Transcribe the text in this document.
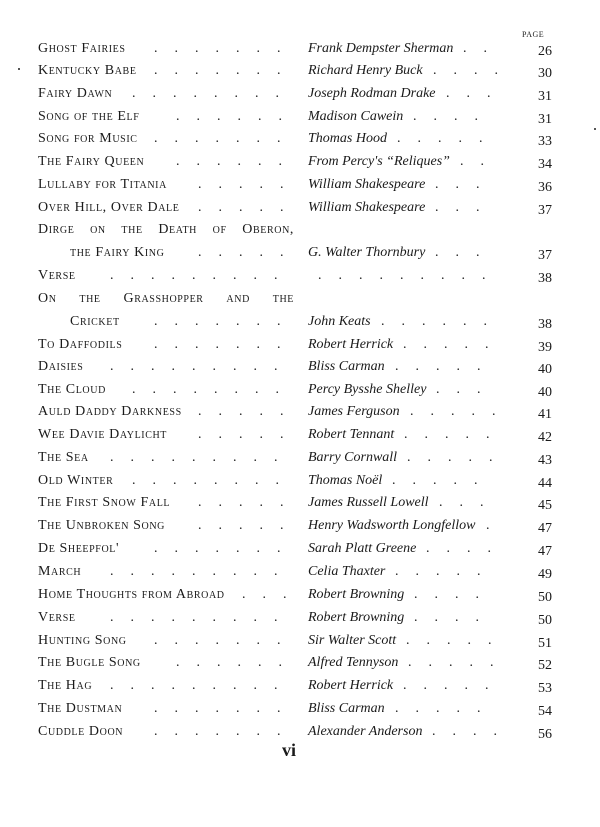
PAGE
Ghost Fairies	Frank Dempster Sherman	26
.......	..
Kentucky Babe	Richard Henry Buck	30
.......	....
Fairy Dawn	Joseph Rodman Drake	31
........	...
Song of the Elf	Madison Cawein	31
......	....
Song for Music	Thomas Hood	33
.......	.....
The Fairy Queen	From Percy's “Reliques”	34
......	..
Lullaby for Titania	William Shakespeare	36
.....	...
Over Hill, Over Dale	William Shakespeare	37
.....	...
Dirge on the Death of Oberon,
the Fairy King	G. Walter Thornbury	37
.....	...
Verse	38
......... .........
On the Grasshopper and the
Cricket	John Keats	38
.......	......
To Daffodils	Robert Herrick	39
.......	.....
Daisies	Bliss Carman	40
.........	.....
The Cloud	Percy Bysshe Shelley	40
........	...
Auld Daddy Darkness	James Ferguson	41
.....	.....
Wee Davie Daylicht	Robert Tennant	42
.....	.....
The Sea	Barry Cornwall	43
.........	.....
Old Winter	Thomas Noël	44
........	.....
The First Snow Fall	James Russell Lowell	45
.....	...
The Unbroken Song	Henry Wadsworth Longfellow	47
.....	.
De Sheepfol'	Sarah Platt Greene	47
.......	....
March	Celia Thaxter	49
.........	.....
Home Thoughts from Abroad	Robert Browning	50
...	....
Verse	Robert Browning	50
.........	....
Hunting Song	Sir Walter Scott	51
.......	.....
The Bugle Song	Alfred Tennyson	52
......	.....
The Hag	Robert Herrick	53
.........	.....
The Dustman	Bliss Carman	54
.......	.....
Cuddle Doon	Alexander Anderson	56
.......	....
vi
